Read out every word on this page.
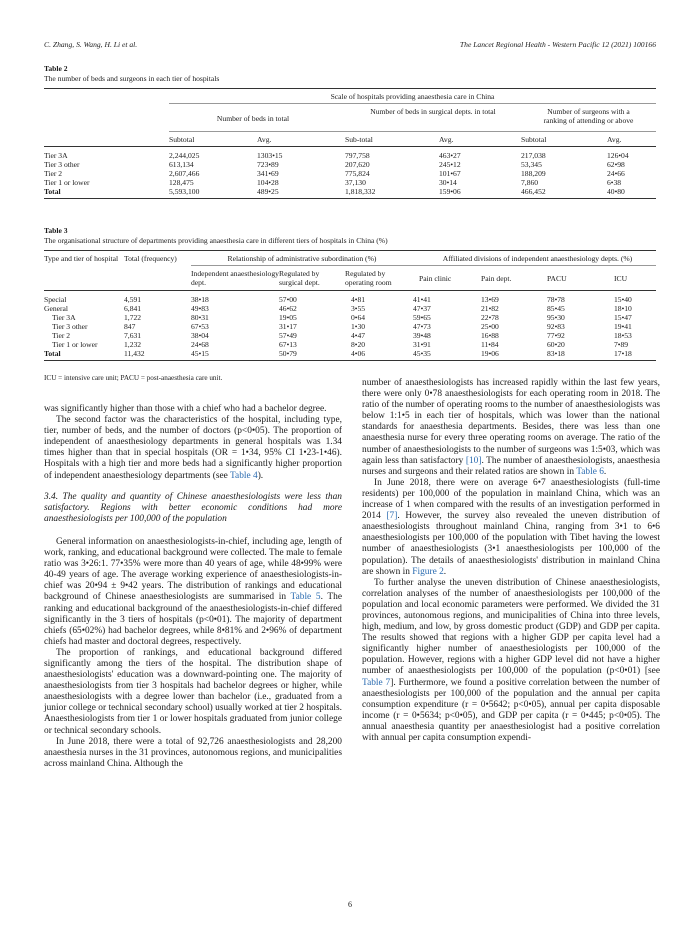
C. Zhang, S. Wang, H. Li et al.	The Lancet Regional Health - Western Pacific 12 (2021) 100166
Table 2
The number of beds and surgeons in each tier of hospitals
	Scale of hospitals providing anaesthesia care in China					
	Number of beds in total		Number of beds in surgical depts. in total		Number of surgeons with a ranking of attending or above	
	Subtotal	Avg.	Sub-total	Avg.	Subtotal	Avg.
Tier 3A	2,244,025	1303•15	797,758	463•27	217,038	126•04
Tier 3 other	613,134	723•89	207,620	245•12	53,345	62•98
Tier 2	2,607,466	341•69	775,824	101•67	188,209	24•66
Tier 1 or lower	128,475	104•28	37,130	30•14	7,860	6•38
Total	5,593,100	489•25	1,818,332	159•06	466,452	40•80
Table 3
The organisational structure of departments providing anaesthesia care in different tiers of hospitals in China (%)
Type and tier of hospital	Total (frequency)	Relationship of administrative subordination (%)			Affiliated divisions of independent anaesthesiology depts. (%)			
		Independent anaesthesiology dept.	Regulated by surgical dept.	Regulated by operating room	Pain clinic	Pain dept.	PACU	ICU
Special	4,591	38•18	57•00	4•81	41•41	13•69	78•78	15•40
General	6,841	49•83	46•62	3•55	47•37	21•82	85•45	18•10
Tier 3A	1,722	80•31	19•05	0•64	59•65	22•78	95•30	15•47
Tier 3 other	847	67•53	31•17	1•30	47•73	25•00	92•83	19•41
Tier 2	7,631	38•04	57•49	4•47	39•48	16•88	77•92	18•53
Tier 1 or lower	1,232	24•68	67•13	8•20	31•91	11•84	60•20	7•89
Total	11,432	45•15	50•79	4•06	45•35	19•06	83•18	17•18
ICU = intensive care unit; PACU = post-anaesthesia care unit.

was significantly higher than those with a chief who had a bachelor degree.

The second factor was the characteristics of the hospital, including type, tier, number of beds, and the number of doctors (p<0•05). The proportion of independent of anaesthesiology departments in general hospitals was 1.34 times higher than that in special hospitals (OR = 1•34, 95% CI 1•23-1•46). Hospitals with a high tier and more beds had a significantly higher proportion of independent anaesthesiology departments (see Table 4).

3.4. The quality and quantity of Chinese anaesthesiologists were less than satisfactory. Regions with better economic conditions had more anaesthesiologists per 100,000 of the population

General information on anaesthesiologists-in-chief, including age, length of work, ranking, and educational background were collected. The male to female ratio was 3•26:1. 77•35% were more than 40 years of age, while 48•99% were 40-49 years of age. The average working experience of anaesthesiologists-in-chief was 20•94 ± 9•42 years. The distribution of rankings and educational background of Chinese anaesthesiologists are summarised in Table 5. The ranking and educational background of the anaesthesiologists-in-chief differed significantly in the 3 tiers of hospitals (p<0•01). The majority of department chiefs (65•02%) had bachelor degrees, while 8•81% and 2•96% of department chiefs had master and doctoral degrees, respectively.

The proportion of rankings, and educational background differed significantly among the tiers of the hospital. The distribution shape of anaesthesiologists' education was a downward-pointing one. The majority of anaesthesiologists from tier 3 hospitals had bachelor degrees or higher, while anaesthesiologists with a degree lower than bachelor (i.e., graduated from a junior college or technical secondary school) usually worked at tier 2 hospitals. Anaesthesiologists from tier 1 or lower hospitals graduated from junior college or technical secondary schools.

In June 2018, there were a total of 92,726 anaesthesiologists and 28,200 anaesthesia nurses in the 31 provinces, autonomous regions, and municipalities across mainland China. Although the

number of anaesthesiologists has increased rapidly within the last few years, there were only 0•78 anaesthesiologists for each operating room in 2018. The ratio of the number of operating rooms to the number of anaesthesiologists was below 1:1•5 in each tier of hospitals, which was lower than the national standards for anaesthesia departments. Besides, there was less than one anaesthesia nurse for every three operating rooms on average. The ratio of the number of anaesthesiologists to the number of surgeons was 1:5•03, which was again less than satisfactory [10]. The number of anaesthesiologists, anaesthesia nurses and surgeons and their related ratios are shown in Table 6.

In June 2018, there were on average 6•7 anaesthesiologists (full-time residents) per 100,000 of the population in mainland China, which was an increase of 1 when compared with the results of an investigation performed in 2014 [7]. However, the survey also revealed the uneven distribution of anaesthesiologists throughout mainland China, ranging from 3•1 to 6•6 anaesthesiologists per 100,000 of the population with Tibet having the lowest number of anaesthesiologists (3•1 anaesthesiologists per 100,000 of the population). The details of anaesthesiologists' distribution in mainland China are shown in Figure 2.

To further analyse the uneven distribution of Chinese anaesthesiologists, correlation analyses of the number of anaesthesiologists per 100,000 of the population and local economic parameters were performed. We divided the 31 provinces, autonomous regions, and municipalities of China into three levels, high, medium, and low, by gross domestic product (GDP) and GDP per capita. The results showed that regions with a higher GDP per capita level had a significantly higher number of anaesthesiologists per 100,000 of the population. However, regions with a higher GDP level did not have a higher number of anaesthesiologists per 100,000 of the population (p<0•01) [see Table 7]. Furthermore, we found a positive correlation between the number of anaesthesiologists per 100,000 of the population and the annual per capita consumption expenditure (r = 0•5642; p<0•05), annual per capita disposable income (r = 0•5634; p<0•05), and GDP per capita (r = 0•445; p<0•05). The annual anaesthesia quantity per anaesthesiologist had a positive correlation with annual per capita consumption expendi-

6
